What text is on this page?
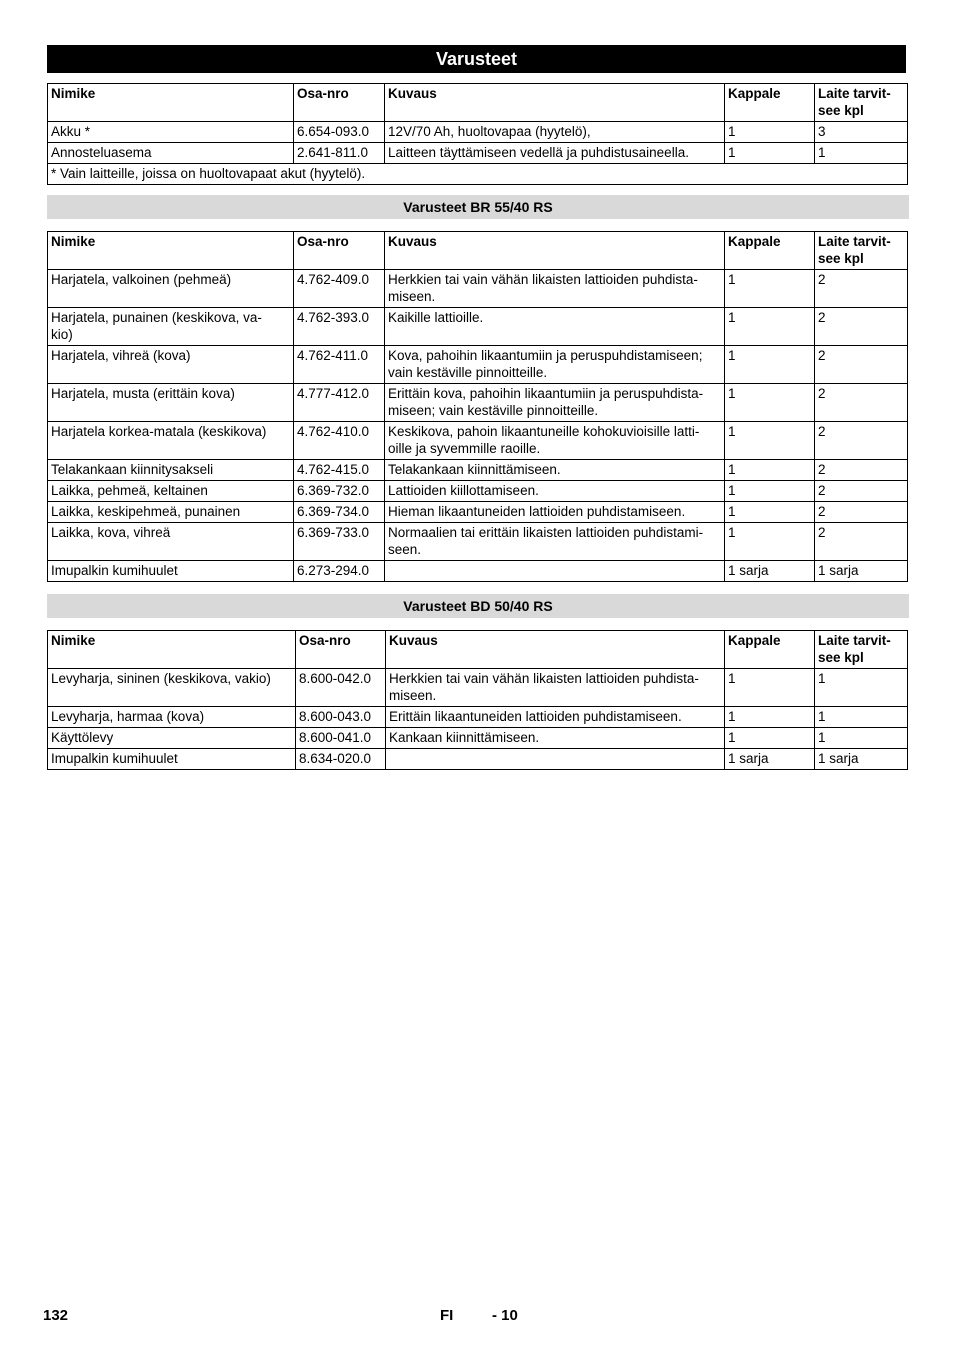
Varusteet
Nimike	Osa-nro	Kuvaus	Kappale	Laite tarvit-
see kpl
Akku *	6.654-093.0	12V/70 Ah, huoltovapaa (hyytelö),	1	3
Annosteluasema	2.641-811.0	Laitteen täyttämiseen vedellä ja puhdistusaineella.	1	1
* Vain laitteille, joissa on huoltovapaat akut (hyytelö).				
Varusteet BR 55/40 RS
Nimike	Osa-nro	Kuvaus	Kappale	Laite tarvit-
see kpl
Harjatela, valkoinen (pehmeä)	4.762-409.0	Herkkien tai vain vähän likaisten lattioiden puhdista-
miseen.	1	2
Harjatela, punainen (keskikova, va-
kio)	4.762-393.0	Kaikille lattioille.	1	2
Harjatela, vihreä (kova)	4.762-411.0	Kova, pahoihin likaantumiin ja peruspuhdistamiseen;
vain kestäville pinnoitteille.	1	2
Harjatela, musta (erittäin kova)	4.777-412.0	Erittäin kova, pahoihin likaantumiin ja peruspuhdista-
miseen; vain kestäville pinnoitteille.	1	2
Harjatela korkea-matala (keskikova)	4.762-410.0	Keskikova, pahoin likaantuneille kohokuvioisille latti-
oille ja syvemmille raoille.	1	2
Telakankaan kiinnitysakseli	4.762-415.0	Telakankaan kiinnittämiseen.	1	2
Laikka, pehmeä, keltainen	6.369-732.0	Lattioiden kiillottamiseen.	1	2
Laikka, keskipehmeä, punainen	6.369-734.0	Hieman likaantuneiden lattioiden puhdistamiseen.	1	2
Laikka, kova, vihreä	6.369-733.0	Normaalien tai erittäin likaisten lattioiden puhdistami-
seen.	1	2
Imupalkin kumihuulet	6.273-294.0		1 sarja	1 sarja
Varusteet BD 50/40 RS
Nimike	Osa-nro	Kuvaus	Kappale	Laite tarvit-
see kpl
Levyharja, sininen (keskikova, vakio)	8.600-042.0	Herkkien tai vain vähän likaisten lattioiden puhdista-
miseen.	1	1
Levyharja, harmaa (kova)	8.600-043.0	Erittäin likaantuneiden lattioiden puhdistamiseen.	1	1
Käyttölevy	8.600-041.0	Kankaan kiinnittämiseen.	1	1
Imupalkin kumihuulet	8.634-020.0		1 sarja	1 sarja
132	FI	- 10
